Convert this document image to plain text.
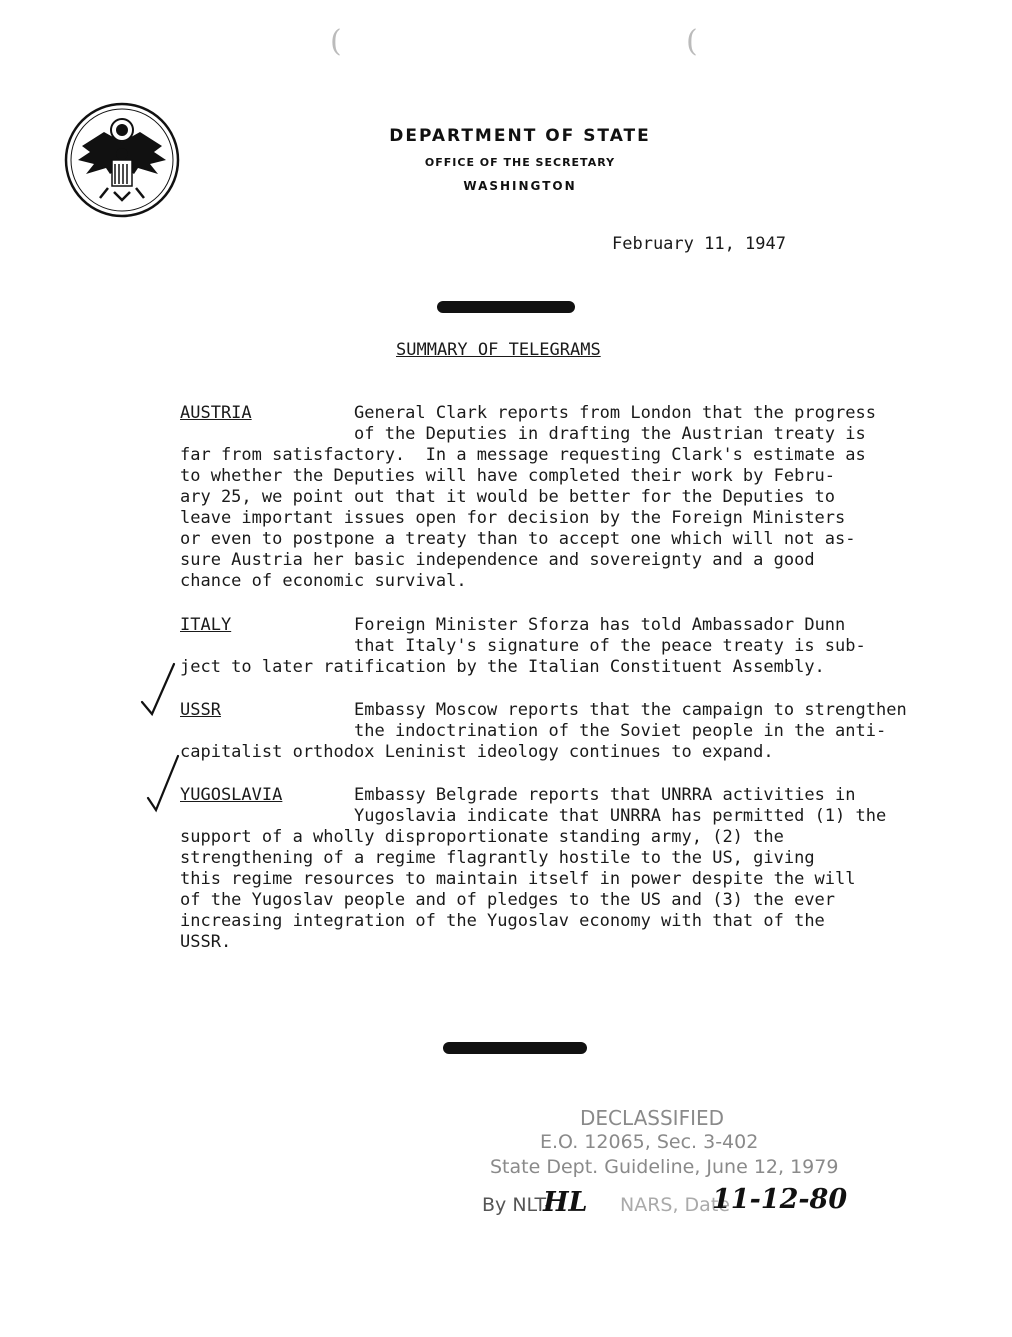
(	(
DEPARTMENT OF STATE
OFFICE OF THE SECRETARY
WASHINGTON
February 11, 1947
SUMMARY OF TELEGRAMS
AUSTRIA	General Clark reports from London that the progress
of the Deputies in drafting the Austrian treaty is
far from satisfactory.  In a message requesting Clark's estimate as
to whether the Deputies will have completed their work by Febru-
ary 25, we point out that it would be better for the Deputies to
leave important issues open for decision by the Foreign Ministers
or even to postpone a treaty than to accept one which will not as-
sure Austria her basic independence and sovereignty and a good
chance of economic survival.
ITALY	Foreign Minister Sforza has told Ambassador Dunn
that Italy's signature of the peace treaty is sub-
ject to later ratification by the Italian Constituent Assembly.
USSR	Embassy Moscow reports that the campaign to strengthen
the indoctrination of the Soviet people in the anti-
capitalist orthodox Leninist ideology continues to expand.
YUGOSLAVIA	Embassy Belgrade reports that UNRRA activities in
Yugoslavia indicate that UNRRA has permitted (1) the
support of a wholly disproportionate standing army, (2) the
strengthening of a regime flagrantly hostile to the US, giving
this regime resources to maintain itself in power despite the will
of the Yugoslav people and of pledges to the US and (3) the ever
increasing integration of the Yugoslav economy with that of the
USSR.
DECLASSIFIED
E.O. 12065, Sec. 3-402
State Dept. Guideline, June 12, 1979
By NLT-
HL NARS, Date
11-12-80
